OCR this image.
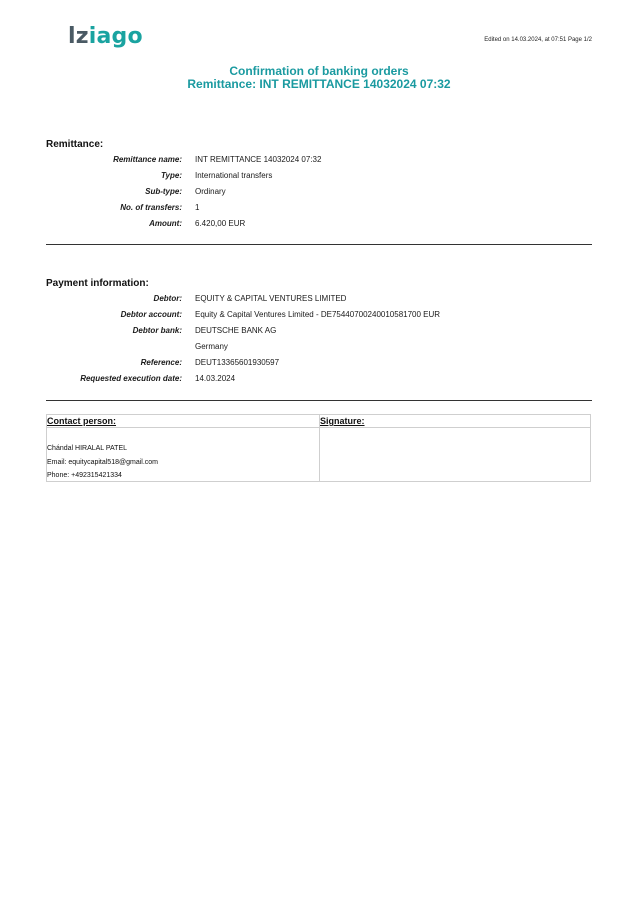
lziago	Edited on 14.03.2024, at 07:51 Page 1/2
Confirmation of banking orders
Remittance: INT REMITTANCE 14032024 07:32
Remittance:
Remittance name: INT REMITTANCE 14032024 07:32
Type: International transfers
Sub-type: Ordinary
No. of transfers: 1
Amount: 6.420,00 EUR
Payment information:
Debtor: EQUITY & CAPITAL VENTURES LIMITED
Debtor account: Equity & Capital Ventures Limited - DE75440700240010581700 EUR
Debtor bank: DEUTSCHE BANK AG
Germany
Reference: DEUT13365601930597
Requested execution date: 14.03.2024
Contact person:	Signature:
Chándal HIRALAL PATEL
Email: equitycapital518@gmail.com
Phone: +492315421334
